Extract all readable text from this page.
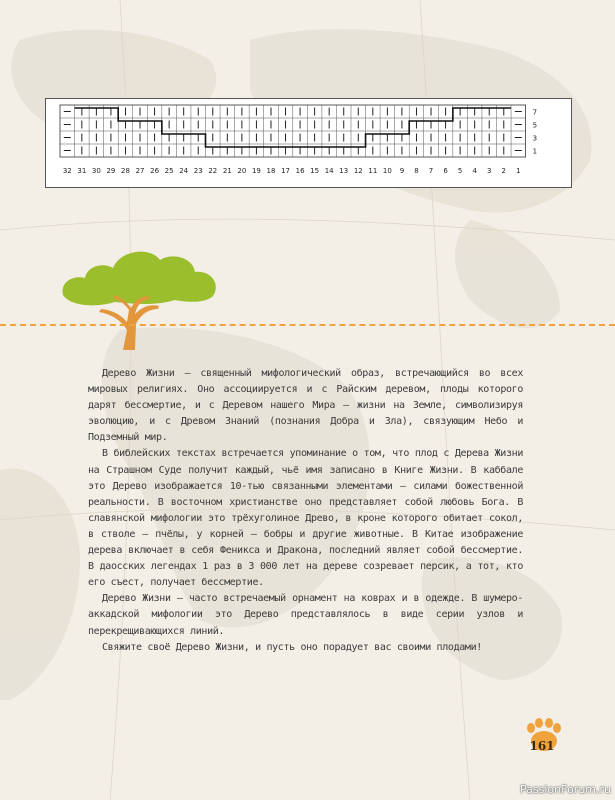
32 31 30 29 28 27 26 25 24 23 22 21 20 19 18 17 16 15 14 13 12 11 10 9 8 7 6 5 4 3 2 1
7
5
3
1

Дерево Жизни – священный мифологический образ, встречающийся во всех мировых религиях. Оно ассоциируется и с Райским деревом, плоды которого дарят бессмертие, и с Деревом нашего Мира – жизни на Земле, символизируя эволюцию, и с Древом Знаний (познания Добра и Зла), связующим Небо и Подземный мир.

В библейских текстах встречается упоминание о том, что плод с Дерева Жизни на Страшном Суде получит каждый, чьё имя записано в Книге Жизни. В каббале это Дерево изображается 10-тью связанными элементами – силами божественной реальности. В восточном христианстве оно представляет собой любовь Бога. В славянской мифологии это трёхуголиное Древо, в кроне которого обитает сокол, в стволе – пчёлы, у корней – бобры и другие животные. В Китае изображение дерева включает в себя Феникса и Дракона, последний являет собой бессмертие. В даосских легендах 1 раз в 3 000 лет на дереве созревает персик, а тот, кто его съест, получает бессмертие.

Дерево Жизни – часто встречаемый орнамент на коврах и в одежде. В шумеро-аккадской мифологии это Дерево представлялось в виде серии узлов и перекрещивающихся линий.

Свяжите своё Дерево Жизни, и пусть оно порадует вас своими плодами!

161
PassionForum.ru
